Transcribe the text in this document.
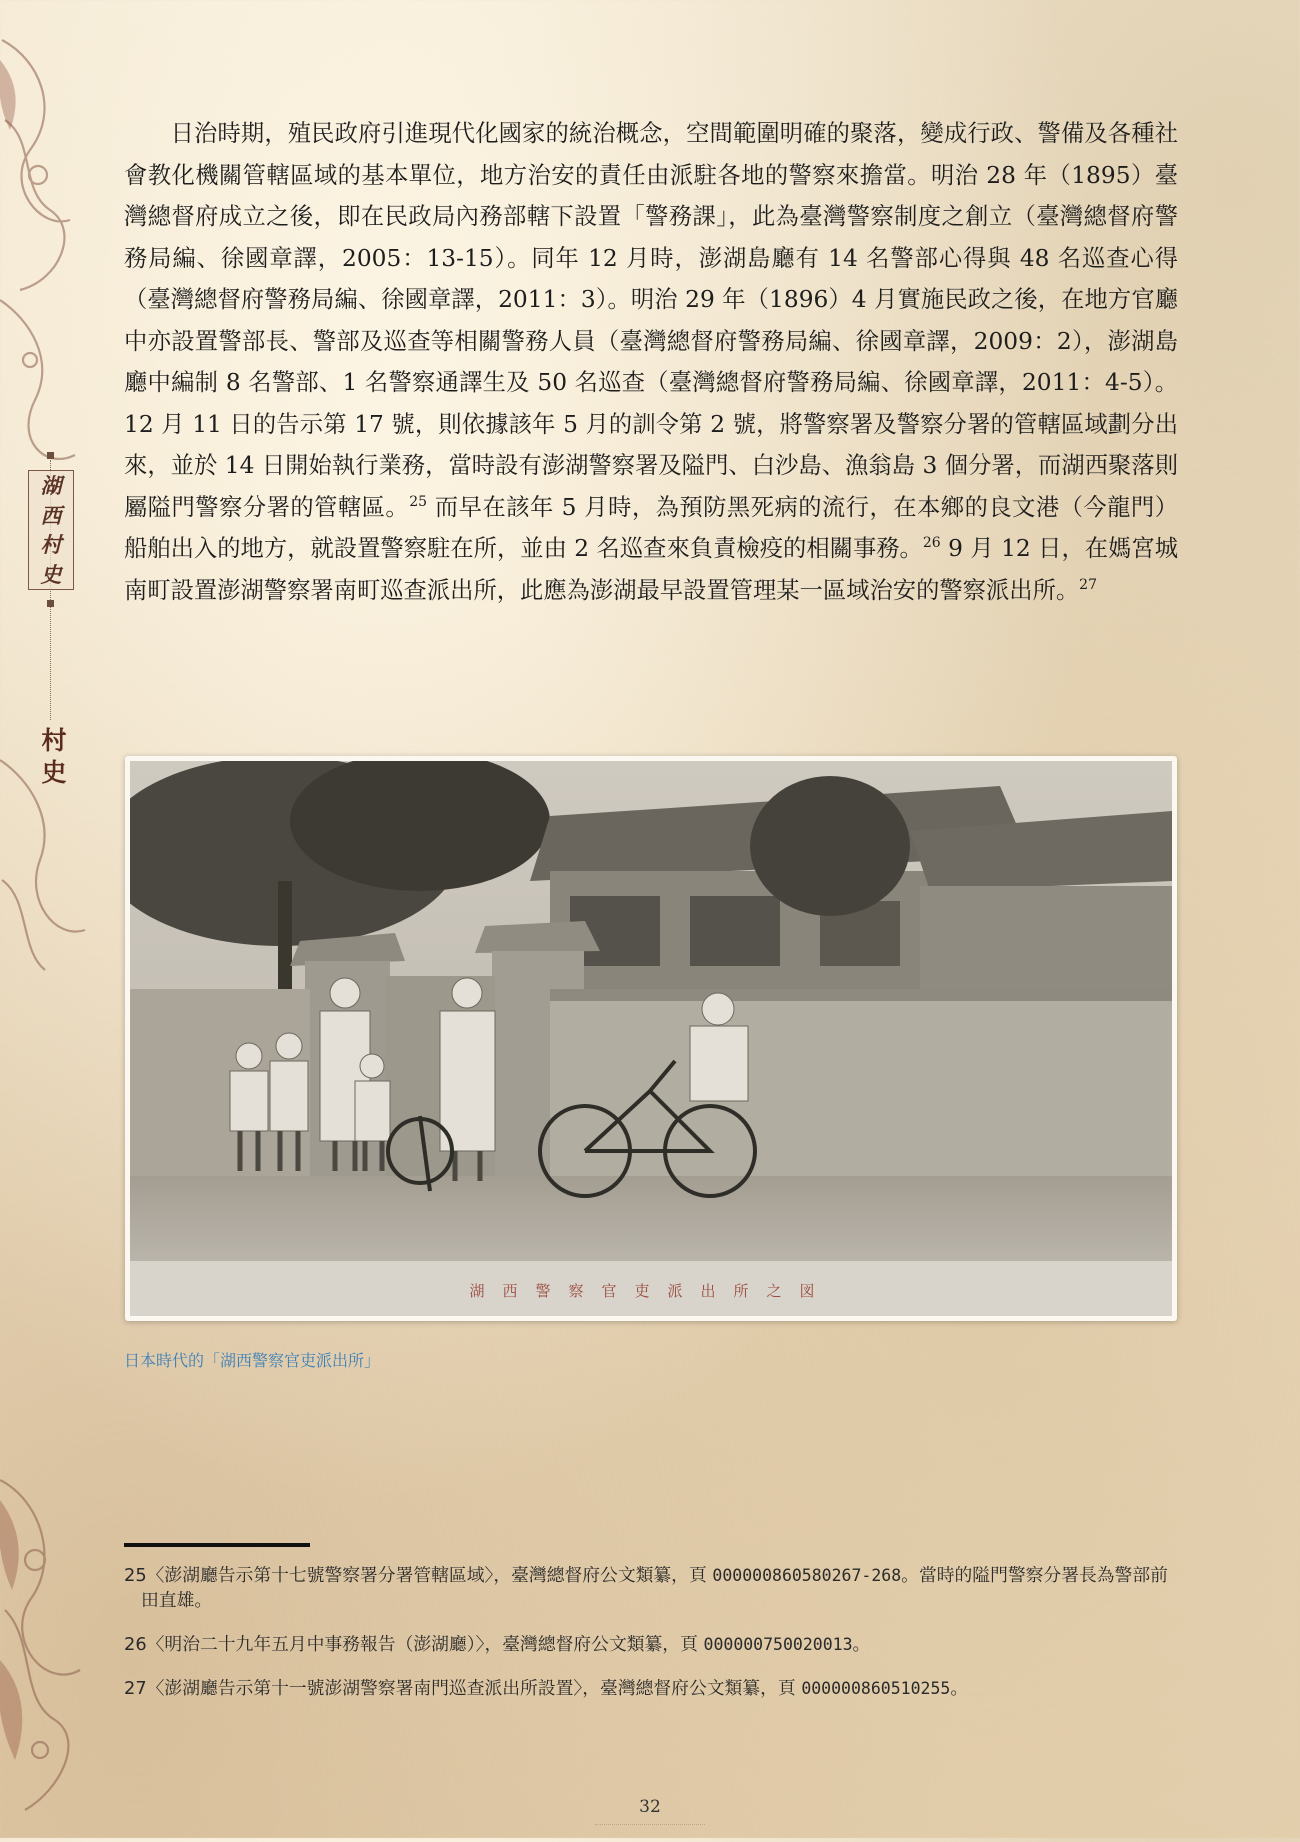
湖
西
村
史
村
史

日治時期，殖民政府引進現代化國家的統治概念，空間範圍明確的聚落，變成行政、警備及各種社會教化機關管轄區域的基本單位，地方治安的責任由派駐各地的警察來擔當。明治 28 年（1895）臺灣總督府成立之後，即在民政局內務部轄下設置「警務課」，此為臺灣警察制度之創立（臺灣總督府警務局編、徐國章譯，2005：13-15）。同年 12 月時，澎湖島廳有 14 名警部心得與 48 名巡查心得（臺灣總督府警務局編、徐國章譯，2011：3）。明治 29 年（1896）4 月實施民政之後，在地方官廳中亦設置警部長、警部及巡查等相關警務人員（臺灣總督府警務局編、徐國章譯，2009：2），澎湖島廳中編制 8 名警部、1 名警察通譯生及 50 名巡查（臺灣總督府警務局編、徐國章譯，2011：4-5）。12 月 11 日的告示第 17 號，則依據該年 5 月的訓令第 2 號，將警察署及警察分署的管轄區域劃分出來，並於 14 日開始執行業務，當時設有澎湖警察署及隘門、白沙島、漁翁島 3 個分署，而湖西聚落則屬隘門警察分署的管轄區。$^{25}$ 而早在該年 5 月時，為預防黑死病的流行，在本鄉的良文港（今龍門）船舶出入的地方，就設置警察駐在所，並由 2 名巡查來負責檢疫的相關事務。$^{26}$ 9 月 12 日，在媽宮城南町設置澎湖警察署南町巡查派出所，此應為澎湖最早設置管理某一區域治安的警察派出所。$^{27}$

湖西警察官吏派出所之図
日本時代的「湖西警察官吏派出所」

25〈澎湖廳告示第十七號警察署分署管轄區域〉，臺灣總督府公文類纂，頁 000000860580267-268。當時的隘門警察分署長為警部前田直雄。

26〈明治二十九年五月中事務報告（澎湖廳）〉，臺灣總督府公文類纂，頁 000000750020013。

27〈澎湖廳告示第十一號澎湖警察署南門巡查派出所設置〉，臺灣總督府公文類纂，頁 000000860510255。

32
